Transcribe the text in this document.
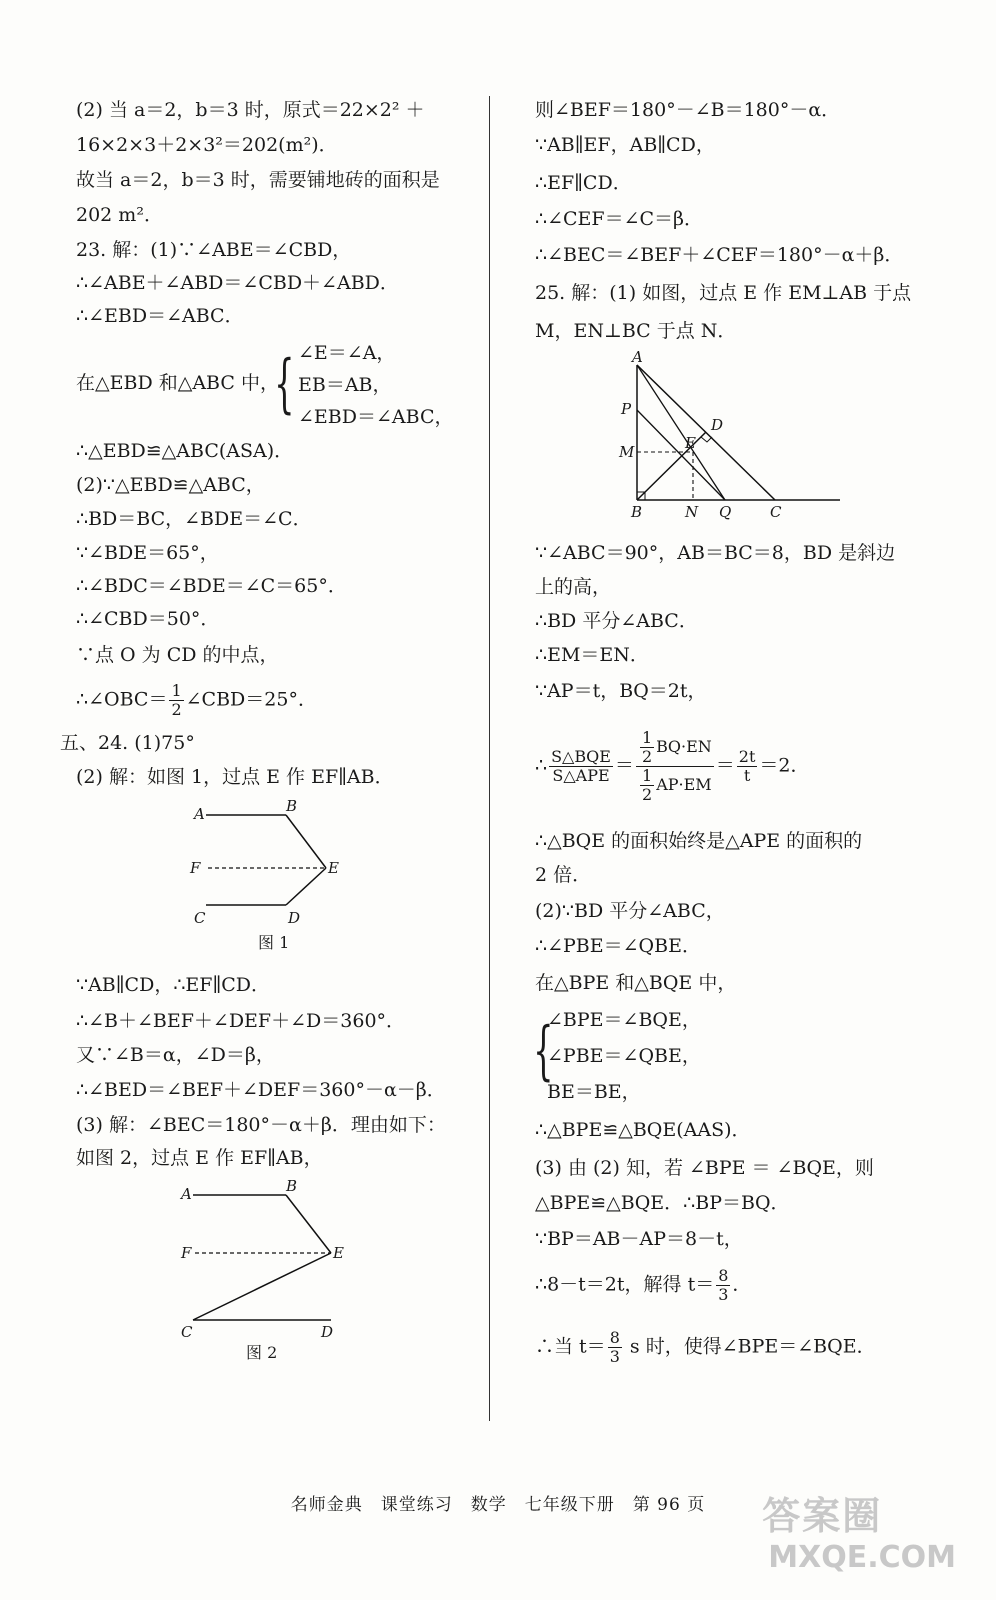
(2) 当 a＝2，b＝3 时，原式＝22×2² ＋
16×2×3＋2×3²＝202(m²)．
故当 a＝2，b＝3 时，需要铺地砖的面积是
202 m²．
23. 解：(1)∵∠ABE＝∠CBD，
∴∠ABE＋∠ABD＝∠CBD＋∠ABD．
∴∠EBD＝∠ABC．
在△EBD 和△ABC 中，
{ ∠E＝∠A，
EB＝AB，
∠EBD＝∠ABC，
∴△EBD≌△ABC(ASA)．
(2)∵△EBD≌△ABC，
∴BD＝BC，∠BDE＝∠C．
∵∠BDE＝65°，
∴∠BDC＝∠BDE＝∠C＝65°．
∴∠CBD＝50°．
∵点 O 为 CD 的中点，
∴∠OBC＝ $\frac{1}{2}$ ∠CBD＝25°．
五、24. (1)75°
(2) 解：如图 1，过点 E 作 EF∥AB．
A	B
F	E
C	D
图 1
∵AB∥CD，∴EF∥CD．
∴∠B＋∠BEF＋∠DEF＋∠D＝360°．
又∵∠B＝α，∠D＝β，
∴∠BED＝∠BEF＋∠DEF＝360°－α－β．
(3) 解：∠BEC＝180°－α＋β．理由如下：
如图 2，过点 E 作 EF∥AB，
A	B
F	E
C	D
图 2
则∠BEF＝180°－∠B＝180°－α．
∵AB∥EF，AB∥CD，
∴EF∥CD．
∴∠CEF＝∠C＝β．
∴∠BEC＝∠BEF＋∠CEF＝180°－α＋β．
25. 解：(1) 如图，过点 E 作 EM⊥AB 于点
M，EN⊥BC 于点 N．
A
P
D
M	E
B	N Q	C
∵∠ABC＝90°，AB＝BC＝8，BD 是斜边
上的高，
∴BD 平分∠ABC．
∴EM＝EN．
∵AP＝t，BQ＝2t，
∴ $\frac{\text{S△BQE}}{\text{S△APE}} = \frac{\frac{1}{2} BQ\cdot EN}{\frac{1}{2} AP\cdot EM} = \frac{2t}{t} =2$．
∴△BQE 的面积始终是△APE 的面积的
2 倍．
(2)∵BD 平分∠ABC，
∴∠PBE＝∠QBE．
在△BPE 和△BQE 中，
{
∠BPE＝∠BQE，
∠PBE＝∠QBE，
BE＝BE，
∴△BPE≌△BQE(AAS)．
(3) 由 (2) 知，若 ∠BPE ＝ ∠BQE，则
△BPE≌△BQE．∴BP＝BQ．
∵BP＝AB－AP＝8－t，
∴8－t＝2t，解得 $t= \frac{8}{3}$ ．
∴当 $t= \frac{8}{3}$ s 时，使得∠BPE＝∠BQE．
名师金典　课堂练习　数学　七年级下册　第 96 页	答案圈
MXQE.COM
